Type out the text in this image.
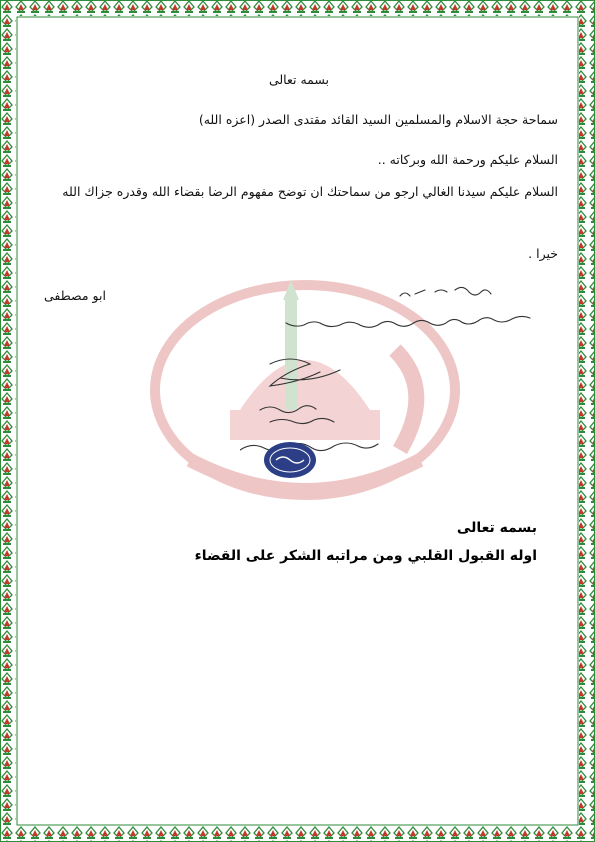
بسمه تعالى
سماحة حجة الاسلام والمسلمين السيد القائد مقتدى الصدر (اعزه الله)
السلام عليكم ورحمة الله وبركاته ..
السلام عليكم سيدنا الغالي ارجو من سماحتك ان توضح مفهوم الرضا بقضاء الله وقدره جزاك الله
خيرا .
ابو مصطفى
بسمه تعالى
اوله القبول القلبي ومن مراتبه الشكر على القضاء
